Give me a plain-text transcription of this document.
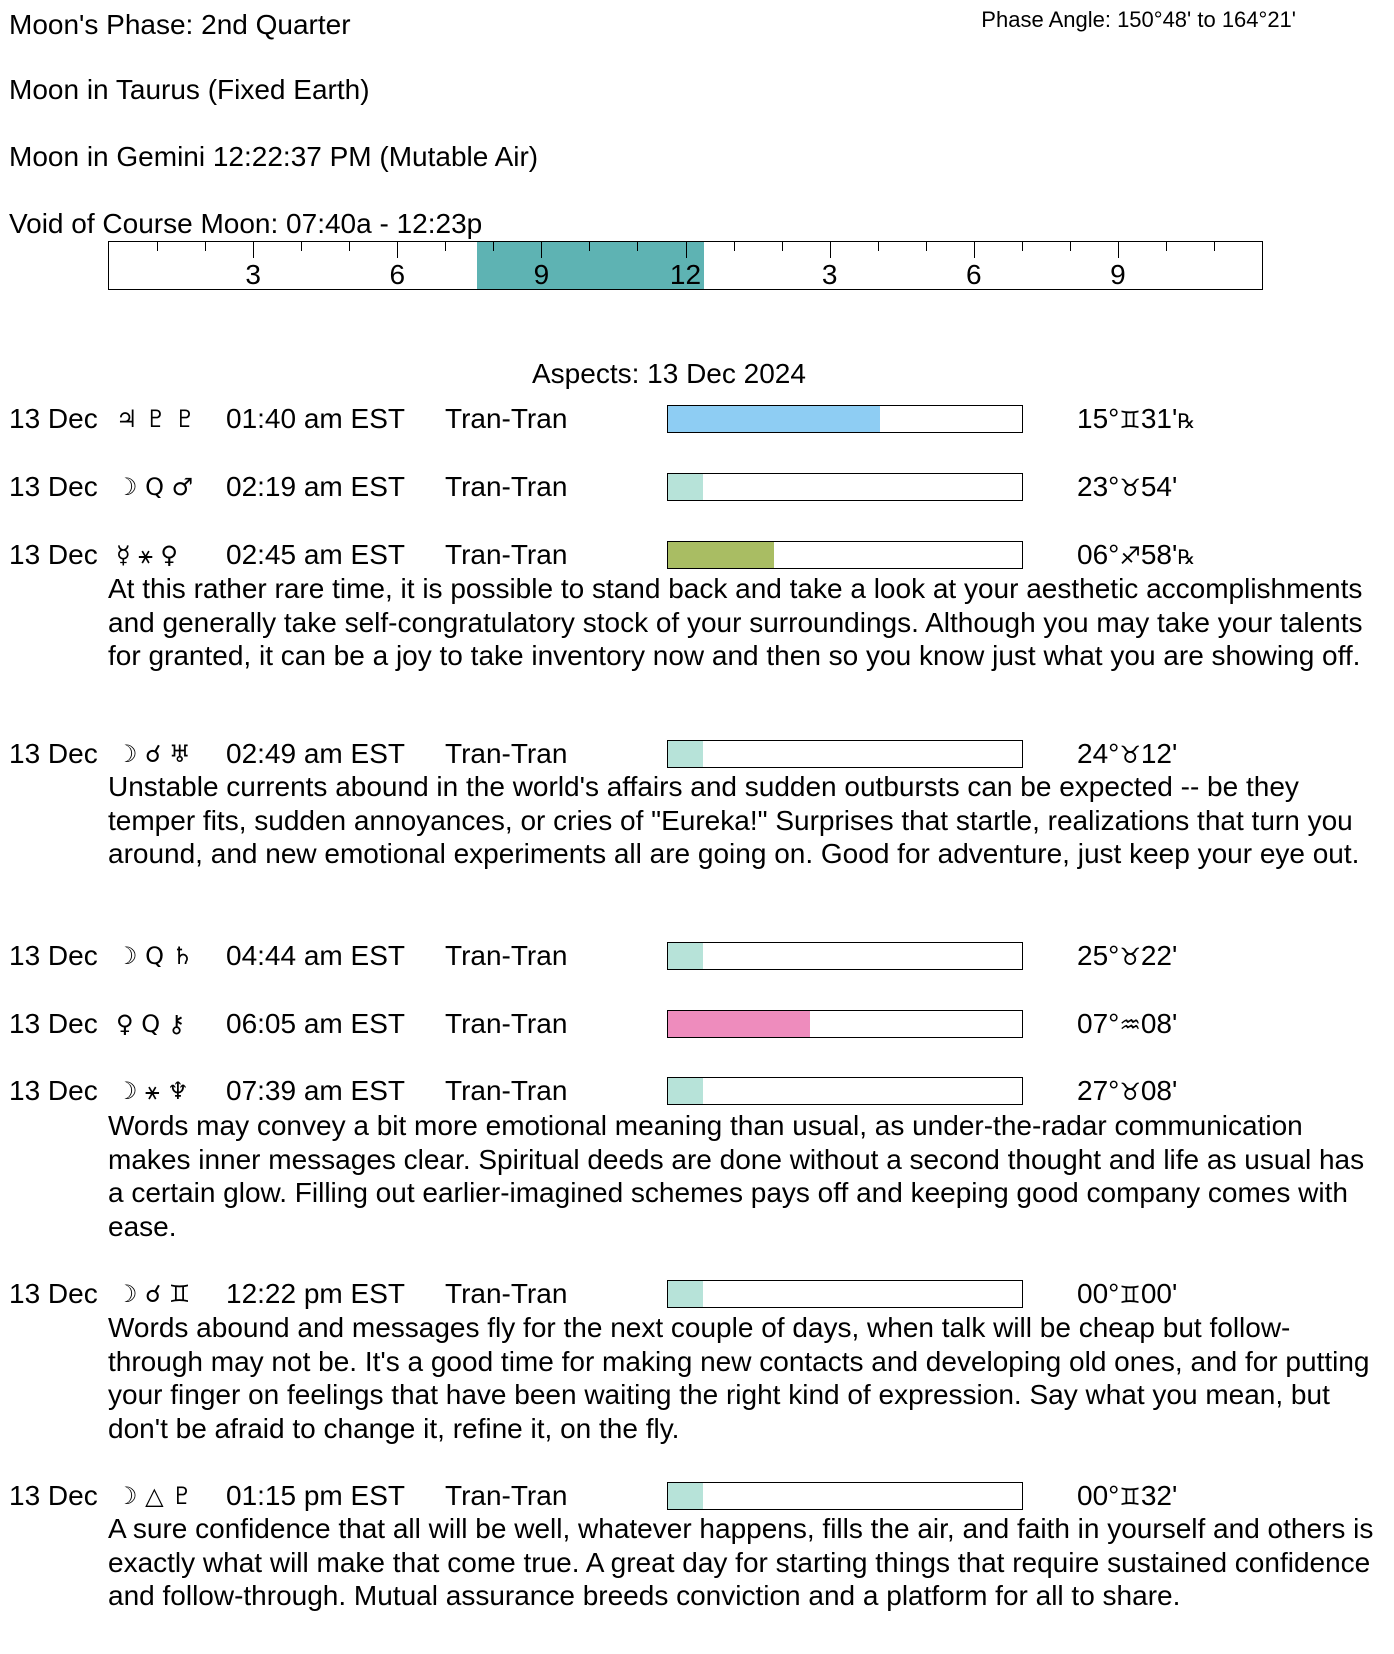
Moon's Phase: 2nd Quarter	Phase Angle: 150°48' to 164°21'
Moon in Taurus (Fixed Earth)
Moon in Gemini 12:22:37 PM (Mutable Air)
Void of Course Moon: 07:40a - 12:23p
3	6	9	12	3	6	9
Aspects: 13 Dec 2024
13 Dec ♃ ♇ ♇ 01:40 am EST Tran-Tran	15°♊31'℞
13 Dec ☽ Q ♂ 02:19 am EST Tran-Tran	23°♉54'
13 Dec ☿ ⚹ ♀ 02:45 am EST Tran-Tran	06°♐58'℞
At this rather rare time, it is possible to stand back and take a look at your aesthetic accomplishments and generally take self-congratulatory stock of your surroundings. Although you may take your talents for granted, it can be a joy to take inventory now and then so you know just what you are showing off.
13 Dec ☽ ☌ ♅ 02:49 am EST Tran-Tran	24°♉12'
Unstable currents abound in the world's affairs and sudden outbursts can be expected -- be they temper fits, sudden annoyances, or cries of "Eureka!" Surprises that startle, realizations that turn you around, and new emotional experiments all are going on. Good for adventure, just keep your eye out.
13 Dec ☽ Q ♄ 04:44 am EST Tran-Tran	25°♉22'
13 Dec ♀ Q ⚷ 06:05 am EST Tran-Tran	07°♒08'
13 Dec ☽ ⚹ ♆ 07:39 am EST Tran-Tran	27°♉08'
Words may convey a bit more emotional meaning than usual, as under-the-radar communication makes inner messages clear. Spiritual deeds are done without a second thought and life as usual has a certain glow. Filling out earlier-imagined schemes pays off and keeping good company comes with ease.
13 Dec ☽ ☌ ♊ 12:22 pm EST Tran-Tran	00°♊00'
Words abound and messages fly for the next couple of days, when talk will be cheap but follow-through may not be. It's a good time for making new contacts and developing old ones, and for putting your finger on feelings that have been waiting the right kind of expression. Say what you mean, but don't be afraid to change it, refine it, on the fly.
13 Dec ☽ △ ♇ 01:15 pm EST Tran-Tran	00°♊32'
A sure confidence that all will be well, whatever happens, fills the air, and faith in yourself and others is exactly what will make that come true. A great day for starting things that require sustained confidence and follow-through. Mutual assurance breeds conviction and a platform for all to share.
